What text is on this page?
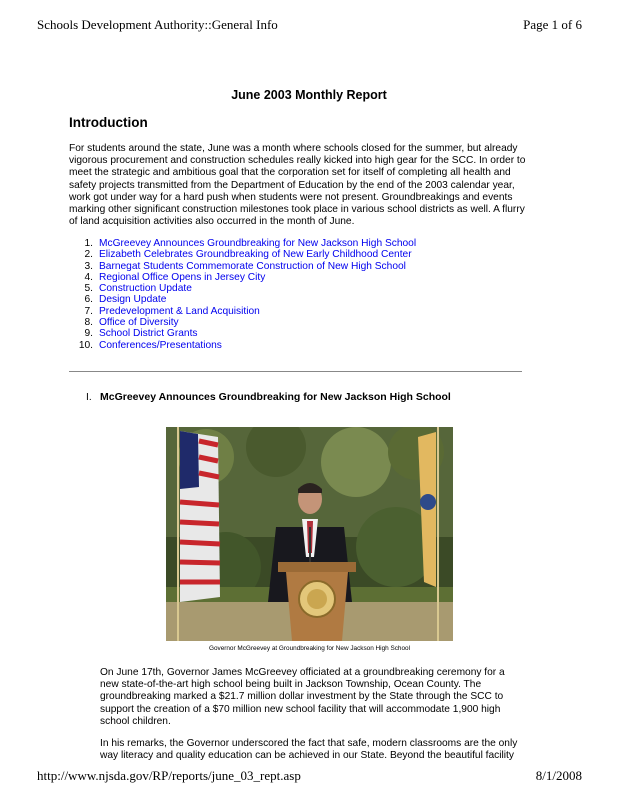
Schools Development Authority::General Info	Page 1 of 6
June 2003 Monthly Report
Introduction

For students around the state, June was a month where schools closed for the summer, but already vigorous procurement and construction schedules really kicked into high gear for the SCC. In order to meet the strategic and ambitious goal that the corporation set for itself of completing all health and safety projects transmitted from the Department of Education by the end of the 2003 calendar year, work got under way for a hard push when students were not present. Groundbreakings and events marking other significant construction milestones took place in various school districts as well. A flurry of land acquisition activities also occurred in the month of June.

1. McGreevey Announces Groundbreaking for New Jackson High School
2. Elizabeth Celebrates Groundbreaking of New Early Childhood Center
3. Barnegat Students Commemorate Construction of New High School
4. Regional Office Opens in Jersey City
5. Construction Update
6. Design Update
7. Predevelopment & Land Acquisition
8. Office of Diversity
9. School District Grants
10. Conferences/Presentations
I. McGreevey Announces Groundbreaking for New Jackson High School
Governor McGreevey at Groundbreaking for New Jackson High School

On June 17th, Governor James McGreevey officiated at a groundbreaking ceremony for a new state-of-the-art high school being built in Jackson Township, Ocean County. The groundbreaking marked a $21.7 million dollar investment by the State through the SCC to support the creation of a $70 million new school facility that will accommodate 1,900 high school children.

In his remarks, the Governor underscored the fact that safe, modern classrooms are the only way literacy and quality education can be achieved in our State. Beyond the beautiful facility

http://www.njsda.gov/RP/reports/june_03_rept.asp	8/1/2008
